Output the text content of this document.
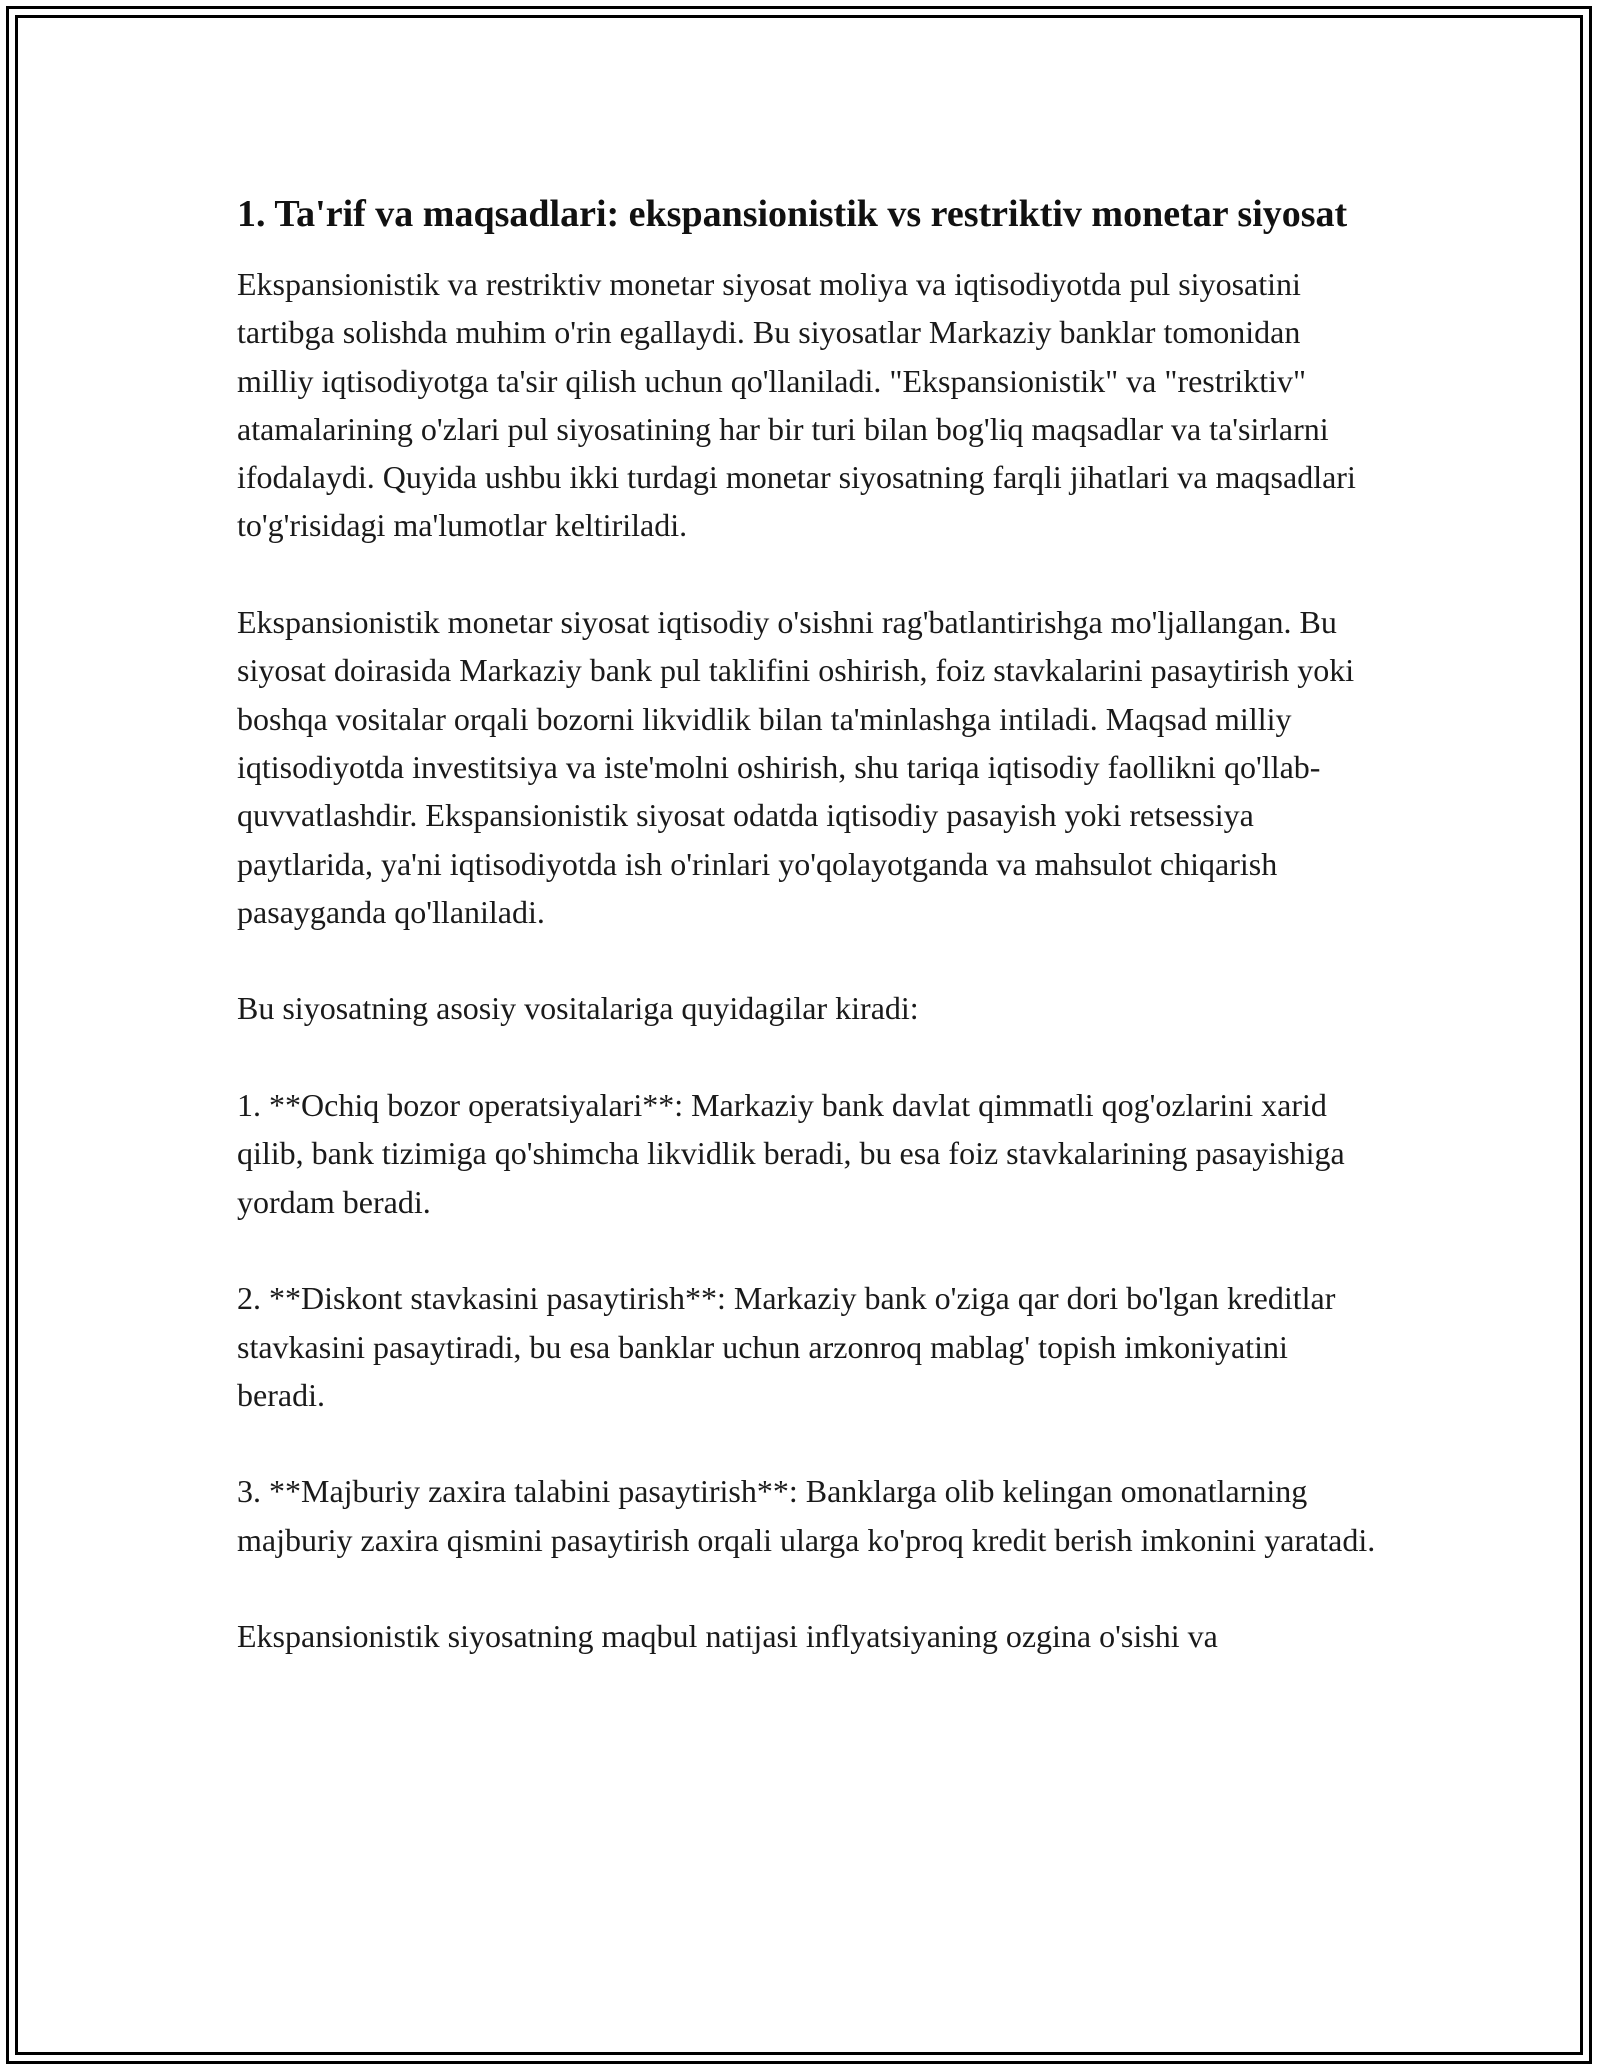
1. Ta'rif va maqsadlari: ekspansionistik vs restriktiv monetar siyosat

Ekspansionistik va restriktiv monetar siyosat moliya va iqtisodiyotda pul siyosatini tartibga solishda muhim o'rin egallaydi. Bu siyosatlar Markaziy banklar tomonidan milliy iqtisodiyotga ta'sir qilish uchun qo'llaniladi. "Ekspansionistik" va "restriktiv" atamalarining o'zlari pul siyosatining har bir turi bilan bog'liq maqsadlar va ta'sirlarni ifodalaydi. Quyida ushbu ikki turdagi monetar siyosatning farqli jihatlari va maqsadlari to'g'risidagi ma'lumotlar keltiriladi.

Ekspansionistik monetar siyosat iqtisodiy o'sishni rag'batlantirishga mo'ljallangan. Bu siyosat doirasida Markaziy bank pul taklifini oshirish, foiz stavkalarini pasaytirish yoki boshqa vositalar orqali bozorni likvidlik bilan ta'minlashga intiladi. Maqsad milliy iqtisodiyotda investitsiya va iste'molni oshirish, shu tariqa iqtisodiy faollikni qo'llab-quvvatlashdir. Ekspansionistik siyosat odatda iqtisodiy pasayish yoki retsessiya paytlarida, ya'ni iqtisodiyotda ish o'rinlari yo'qolayotganda va mahsulot chiqarish pasayganda qo'llaniladi.

Bu siyosatning asosiy vositalariga quyidagilar kiradi:

1. **Ochiq bozor operatsiyalari**: Markaziy bank davlat qimmatli qog'ozlarini xarid qilib, bank tizimiga qo'shimcha likvidlik beradi, bu esa foiz stavkalarining pasayishiga yordam beradi.

2. **Diskont stavkasini pasaytirish**: Markaziy bank o'ziga qar dori bo'lgan kreditlar stavkasini pasaytiradi, bu esa banklar uchun arzonroq mablag' topish imkoniyatini beradi.

3. **Majburiy zaxira talabini pasaytirish**: Banklarga olib kelingan omonatlarning majburiy zaxira qismini pasaytirish orqali ularga ko'proq kredit berish imkonini yaratadi.

Ekspansionistik siyosatning maqbul natijasi inflyatsiyaning ozgina o'sishi va
